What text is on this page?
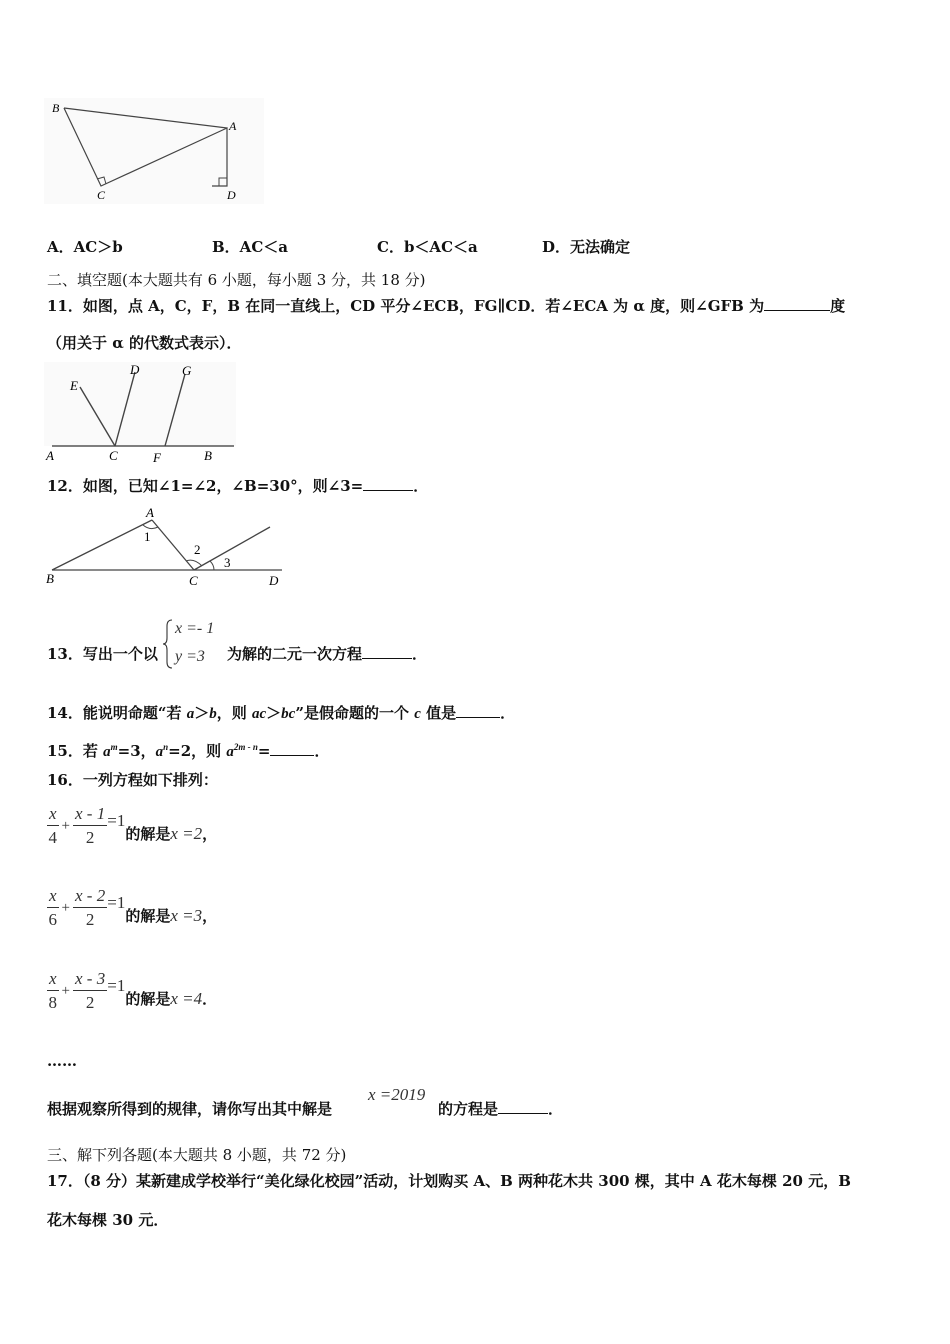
B
A
C	D
A．AC＞b	B．AC＜a	C．b＜AC＜a	D．无法确定
二、填空题(本大题共有 6 小题，每小题 3 分，共 18 分)
11．如图，点 A，C，F，B 在同一直线上，CD 平分∠ECB，FG∥CD．若∠ECA 为 α 度，则∠GFB 为	度
（用关于 α 的代数式表示）．
E
D	G
A	C	F	B
12．如图，已知∠1=∠2，∠B=30°，则∠3=	．
A
1
2
3
B	C	D
13．写出一个以
x =- 1
y =3 为解的二元一次方程	．
14．能说明命题“若 a＞b，则 ac＞bc”是假命题的一个 c 值是	．
15．若 $a^m=3$，$a^n=2$，则 $a^{2m - n}=$	．
16．一列方程如下排列：
$\frac{x}{4} + \frac{x - 1}{2} =1$
的解是 x =2 ，
$\frac{x}{6} + \frac{x - 2}{2} =1$
的解是 x =3 ，
$\frac{x}{8} + \frac{x - 3}{2} =1$
的解是 x =4 ．
……
根据观察所得到的规律，请你写出其中解是
x =2019
的方程是	．
三、解下列各题(本大题共 8 小题，共 72 分)
17．（8 分）某新建成学校举行“美化绿化校园”活动，计划购买 A、B 两种花木共 300 棵，其中 A 花木每棵 20 元，B
花木每棵 30 元．
